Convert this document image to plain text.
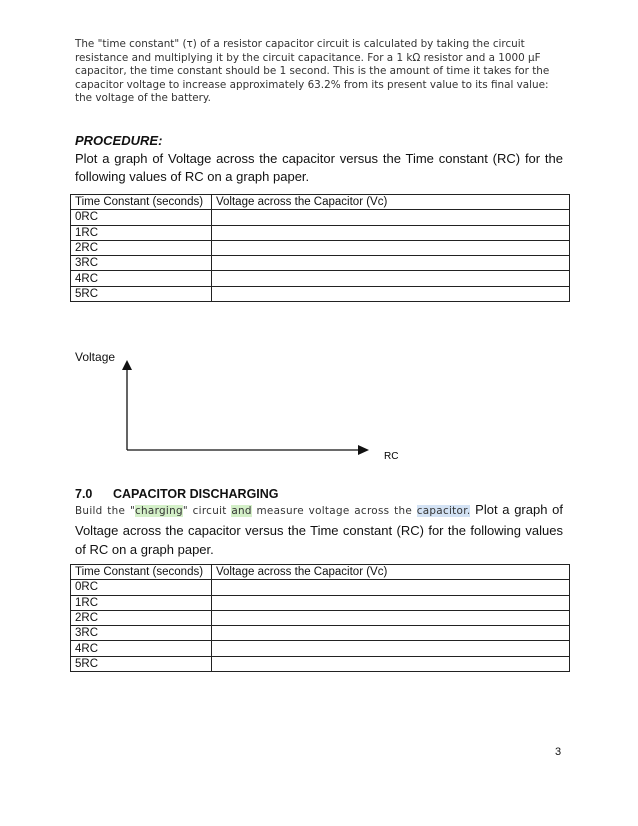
The "time constant" (τ) of a resistor capacitor circuit is calculated by taking the circuit resistance and multiplying it by the circuit capacitance. For a 1 kΩ resistor and a 1000 µF capacitor, the time constant should be 1 second. This is the amount of time it takes for the capacitor voltage to increase approximately 63.2% from its present value to its final value: the voltage of the battery.
PROCEDURE:
Plot a graph of Voltage across the capacitor versus the Time constant (RC) for the following values of RC on a graph paper.
Time Constant (seconds)	Voltage across the Capacitor (Vc)
0RC	
1RC	
2RC	
3RC	
4RC	
5RC	
Voltage
RC
7.0 CAPACITOR DISCHARGING
Build the "charging" circuit and measure voltage across the capacitor. Plot a graph of Voltage across the capacitor versus the Time constant (RC) for the following values of RC on a graph paper.
Time Constant (seconds)	Voltage across the Capacitor (Vc)
0RC	
1RC	
2RC	
3RC	
4RC	
5RC	
3
